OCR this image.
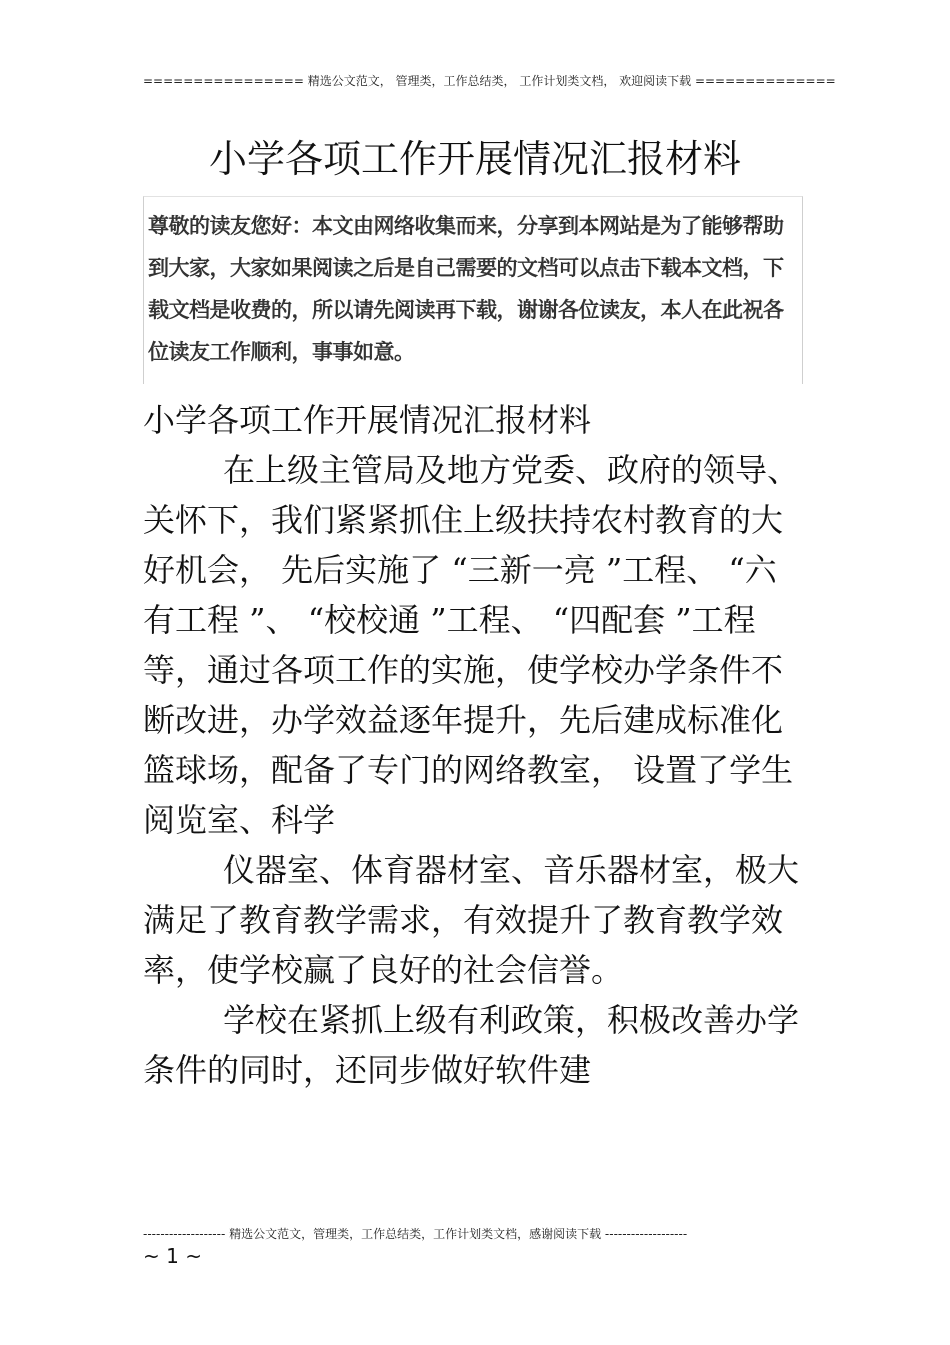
================ 精选公文范文， 管理类，工作总结类， 工作计划类文档， 欢迎阅读下载 ==============
小学各项工作开展情况汇报材料
尊敬的读友您好：本文由网络收集而来，分享到本网站是为了能够帮助到大家，大家如果阅读之后是自己需要的文档可以点击下载本文档，下载文档是收费的，所以请先阅读再下载，谢谢各位读友，本人在此祝各位读友工作顺利，事事如意。

小学各项工作开展情况汇报材料

在上级主管局及地方党委、政府的领导、关怀下，我们紧紧抓住上级扶持农村教育的大好机会， 先后实施了 “三新一亮 ”工程、 “六有工程 ”、 “校校通 ”工程、 “四配套 ”工程等，通过各项工作的实施，使学校办学条件不断改进，办学效益逐年提升，先后建成标准化篮球场，配备了专门的网络教室， 设置了学生阅览室、科学

仪器室、体育器材室、音乐器材室，极大满足了教育教学需求，有效提升了教育教学效率，使学校赢了良好的社会信誉。

学校在紧抓上级有利政策，积极改善办学条件的同时，还同步做好软件建

------------------- 精选公文范文，管理类，工作总结类，工作计划类文档，感谢阅读下载 -------------------
~ 1 ~
